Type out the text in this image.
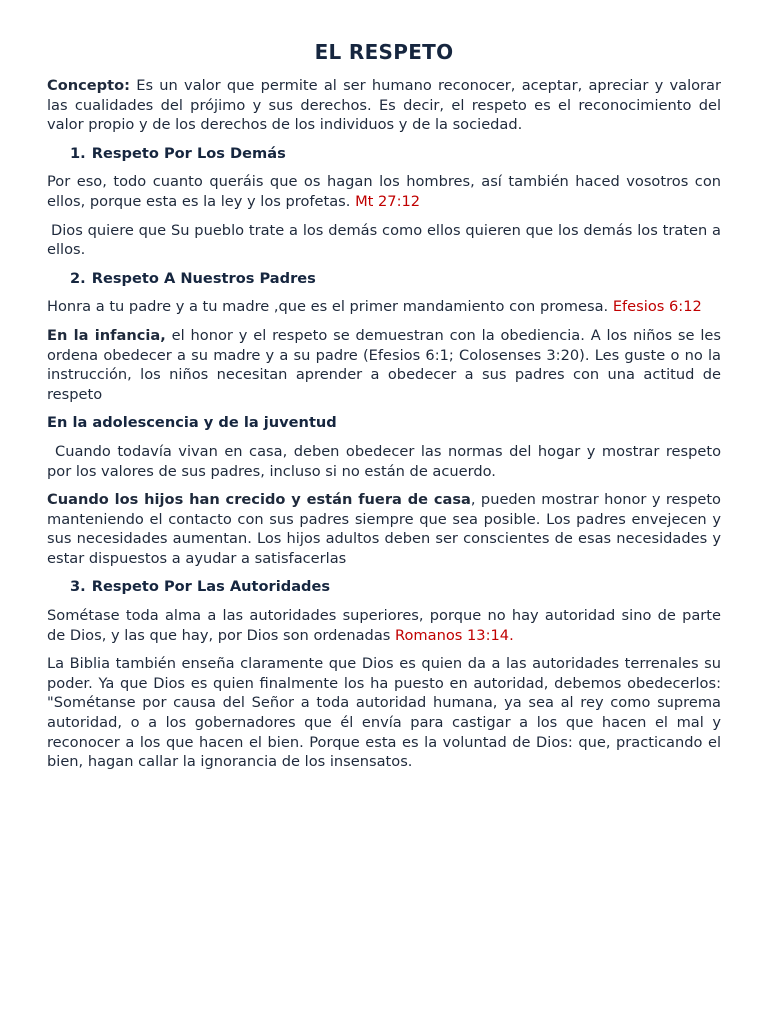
EL RESPETO

Concepto: Es un valor que permite al ser humano reconocer, aceptar, apreciar y valorar las cualidades del prójimo y sus derechos. Es decir, el respeto es el reconocimiento del valor propio y de los derechos de los individuos y de la sociedad.

1. Respeto Por Los Demás

Por eso, todo cuanto queráis que os hagan los hombres, así también haced vosotros con ellos, porque esta es la ley y los profetas. Mt 27:12

Dios quiere que Su pueblo trate a los demás como ellos quieren que los demás los traten a ellos.

2. Respeto A Nuestros Padres

Honra a tu padre y a tu madre ,que es el primer mandamiento con promesa. Efesios 6:12

En la infancia, el honor y el respeto se demuestran con la obediencia. A los niños se les ordena obedecer a su madre y a su padre (Efesios 6:1; Colosenses 3:20). Les guste o no la instrucción, los niños necesitan aprender a obedecer a sus padres con una actitud de respeto

En la adolescencia y de la juventud

Cuando todavía vivan en casa, deben obedecer las normas del hogar y mostrar respeto por los valores de sus padres, incluso si no están de acuerdo.

Cuando los hijos han crecido y están fuera de casa, pueden mostrar honor y respeto manteniendo el contacto con sus padres siempre que sea posible. Los padres envejecen y sus necesidades aumentan. Los hijos adultos deben ser conscientes de esas necesidades y estar dispuestos a ayudar a satisfacerlas

3. Respeto Por Las Autoridades

Sométase toda alma a las autoridades superiores, porque no hay autoridad sino de parte de Dios, y las que hay, por Dios son ordenadas Romanos 13:14.

La Biblia también enseña claramente que Dios es quien da a las autoridades terrenales su poder. Ya que Dios es quien finalmente los ha puesto en autoridad, debemos obedecerlos: "Sométanse por causa del Señor a toda autoridad humana, ya sea al rey como suprema autoridad, o a los gobernadores que él envía para castigar a los que hacen el mal y reconocer a los que hacen el bien. Porque esta es la voluntad de Dios: que, practicando el bien, hagan callar la ignorancia de los insensatos.
